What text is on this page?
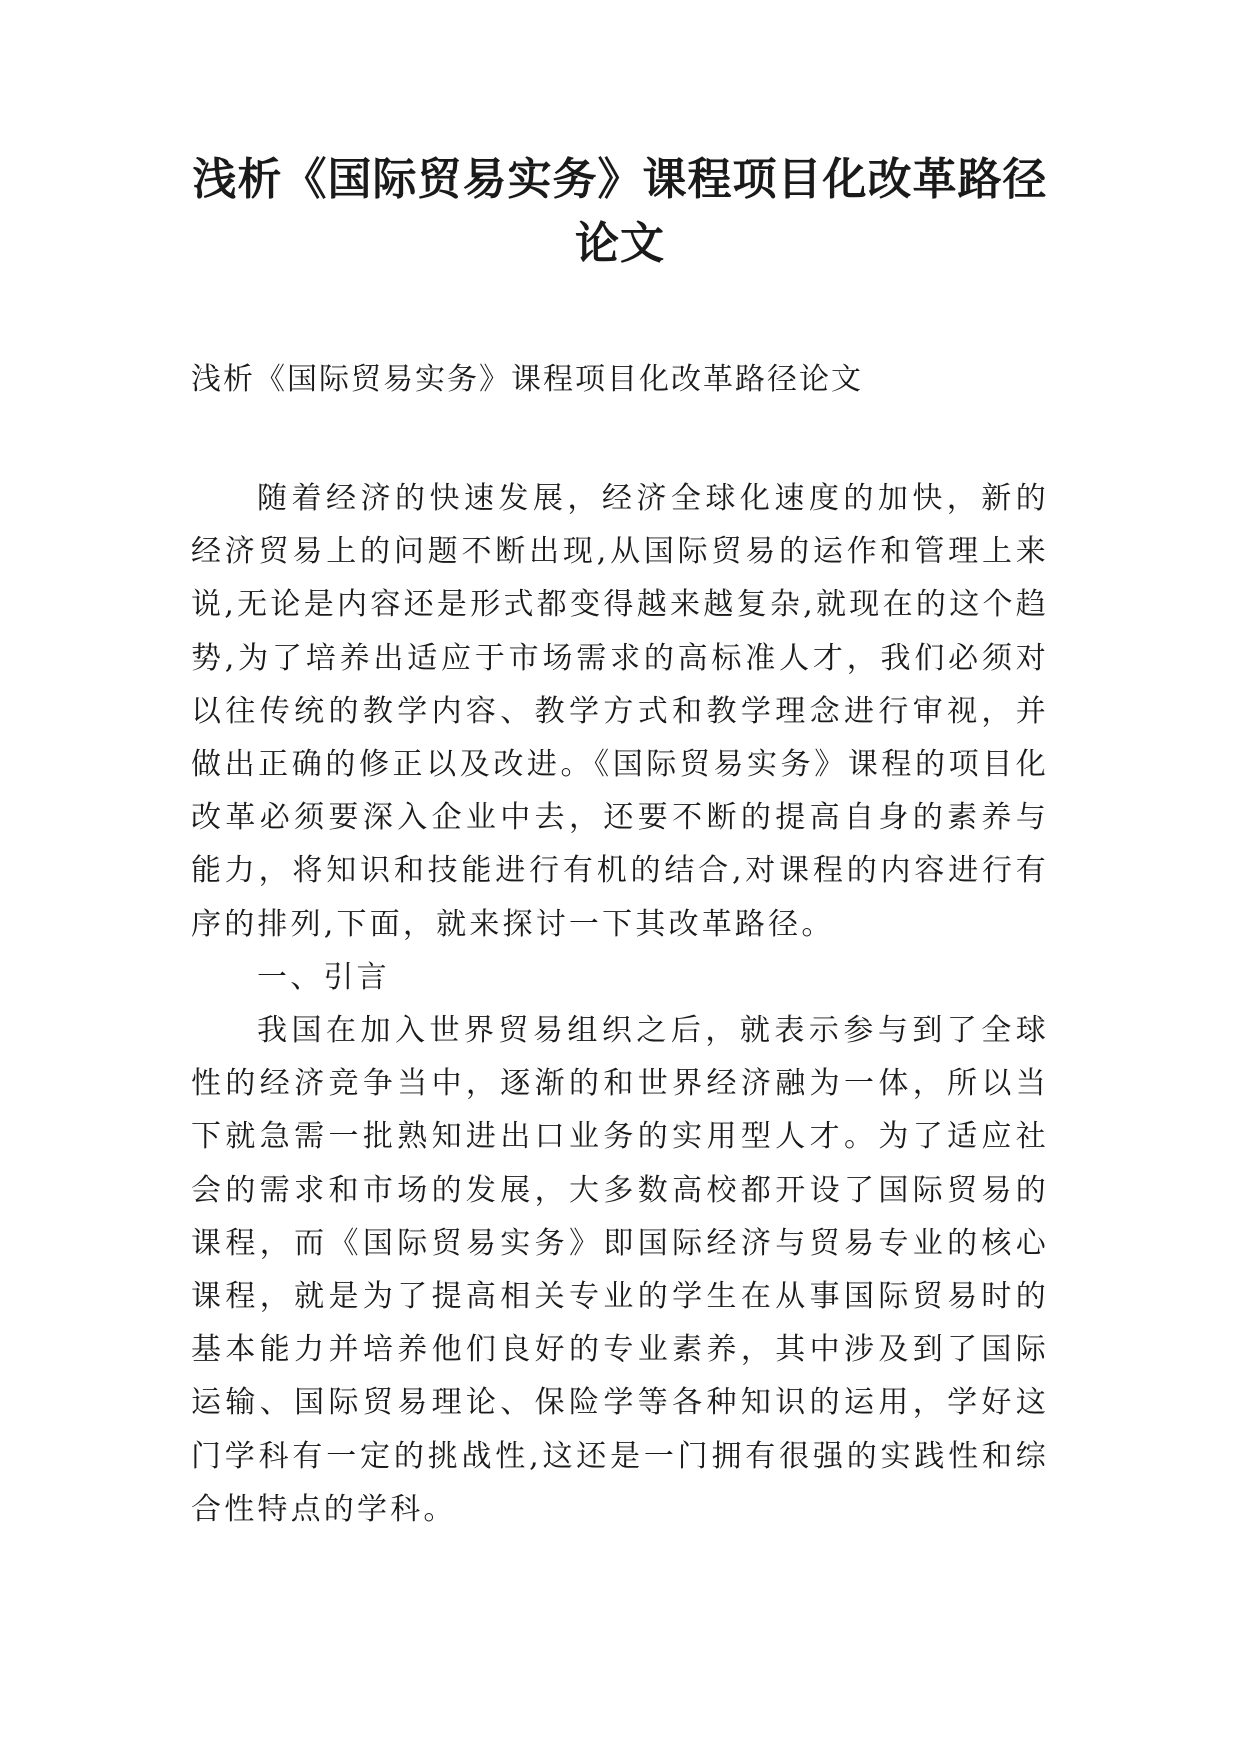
浅析《国际贸易实务》课程项目化改革路径论文

浅析《国际贸易实务》课程项目化改革路径论文

随着经济的快速发展，经济全球化速度的加快，新的经济贸易上的问题不断出现,从国际贸易的运作和管理上来说,无论是内容还是形式都变得越来越复杂,就现在的这个趋势,为了培养出适应于市场需求的高标准人才，我们必须对以往传统的教学内容、教学方式和教学理念进行审视，并做出正确的修正以及改进。《国际贸易实务》课程的项目化改革必须要深入企业中去，还要不断的提高自身的素养与能力，将知识和技能进行有机的结合,对课程的内容进行有序的排列,下面，就来探讨一下其改革路径。

一、引言

我国在加入世界贸易组织之后，就表示参与到了全球性的经济竞争当中，逐渐的和世界经济融为一体，所以当下就急需一批熟知进出口业务的实用型人才。为了适应社会的需求和市场的发展，大多数高校都开设了国际贸易的课程，而《国际贸易实务》即国际经济与贸易专业的核心课程，就是为了提高相关专业的学生在从事国际贸易时的基本能力并培养他们良好的专业素养，其中涉及到了国际运输、国际贸易理论、保险学等各种知识的运用，学好这门学科有一定的挑战性,这还是一门拥有很强的实践性和综合性特点的学科。
